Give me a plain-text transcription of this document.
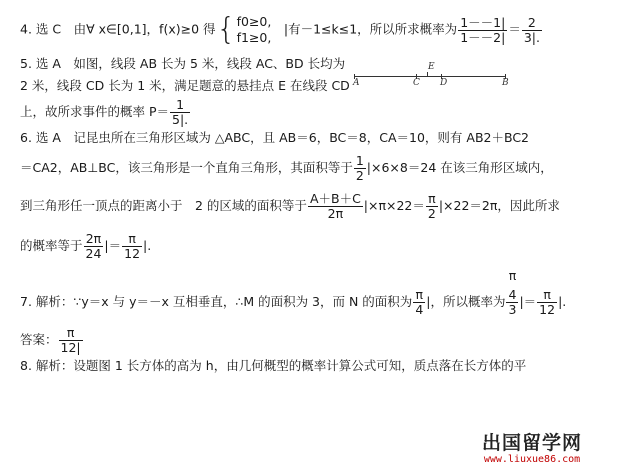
4. 选 C　由∀ x∈[0,1]，f(x)≥0 得{ f0≥0,
f1≥0,
　|有－1≤k≤1，所以所求概率为 $\frac{1--1|}{1--2|} = \frac{2}{3|.}$
5. 选 A　如图，线段 AB 长为 5 米，线段 AC、BD 长均为
2 米，线段 CD 长为 1 米，满足题意的悬挂点 E 在线段 CD
上，故所求事件的概率 $P= \frac{1}{5|.}$
A	C
E
D	B
6. 选 A　记昆虫所在三角形区域为 △ABC，且 AB＝6，BC＝8，CA＝10，则有 AB2＋BC2
＝CA2，AB⊥BC，该三角形是一个直角三角形，其面积等于 $\frac{1}{2} |\times 6\times 8=24$ 在该三角形区域内，
到三角形任一顶点的距离小于　2 的区域的面积等于 $\frac{A+B+C}{2\pi} |\times\pi\times 22= \frac{\pi}{2} |\times 22=2\pi$，因此所求
的概率等于 $\frac{2\pi}{24}$ |＝ $\frac{\pi}{12}$ |.
7. 解析：∵y＝x 与 y＝－x 互相垂直，∴M 的面积为 3，而 N 的面积为 $\frac{\pi}{4}$ |，所以概率为
π
4
3
|＝ $\frac{\pi}{12}$ |.
答案： $\frac{\pi}{12|}$
8. 解析：设题图 1 长方体的高为 h，由几何概型的概率计算公式可知，质点落在长方体的平
出国留学网
www.liuxue86.com
